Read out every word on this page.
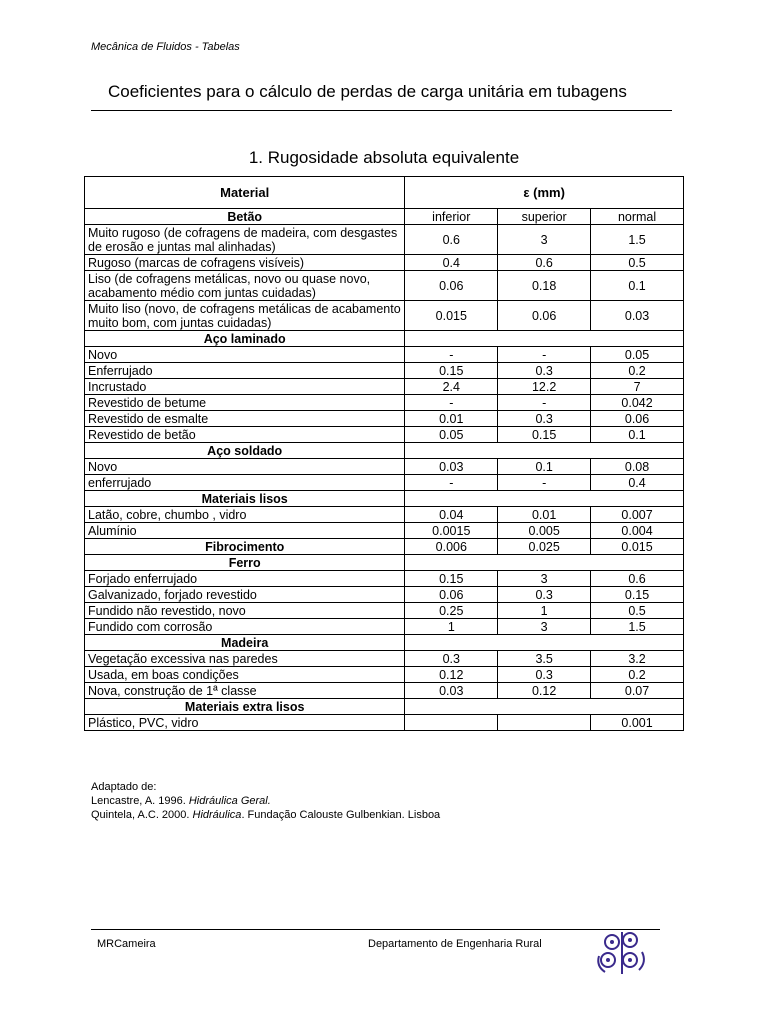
Mecânica de Fluidos - Tabelas
Coeficientes para o cálculo de perdas de carga unitária em tubagens
1. Rugosidade absoluta equivalente
Material	ε (mm)		
Betão	inferior	superior	normal
Muito rugoso (de cofragens de madeira, com desgastes de erosão e juntas mal alinhadas)	0.6	3	1.5
Rugoso (marcas de cofragens visíveis)	0.4	0.6	0.5
Liso (de cofragens metálicas, novo ou quase novo, acabamento médio com juntas cuidadas)	0.06	0.18	0.1
Muito liso (novo, de cofragens metálicas de acabamento muito bom, com juntas cuidadas)	0.015	0.06	0.03
Aço laminado			
Novo	-	-	0.05
Enferrujado	0.15	0.3	0.2
Incrustado	2.4	12.2	7
Revestido de betume	-	-	0.042
Revestido de esmalte	0.01	0.3	0.06
Revestido de betão	0.05	0.15	0.1
Aço soldado			
Novo	0.03	0.1	0.08
enferrujado	-	-	0.4
Materiais lisos			
Latão, cobre, chumbo , vidro	0.04	0.01	0.007
Alumínio	0.0015	0.005	0.004
Fibrocimento	0.006	0.025	0.015
Ferro			
Forjado enferrujado	0.15	3	0.6
Galvanizado, forjado revestido	0.06	0.3	0.15
Fundido não revestido, novo	0.25	1	0.5
Fundido com corrosão	1	3	1.5
Madeira			
Vegetação excessiva nas paredes	0.3	3.5	3.2
Usada, em boas condições	0.12	0.3	0.2
Nova, construção de 1ª classe	0.03	0.12	0.07
Materiais extra lisos			
Plástico, PVC, vidro			0.001
Adaptado de:
Lencastre, A. 1996. Hidráulica Geral.
Quintela, A.C. 2000. Hidráulica. Fundação Calouste Gulbenkian. Lisboa
MRCameira	Departamento de Engenharia Rural
